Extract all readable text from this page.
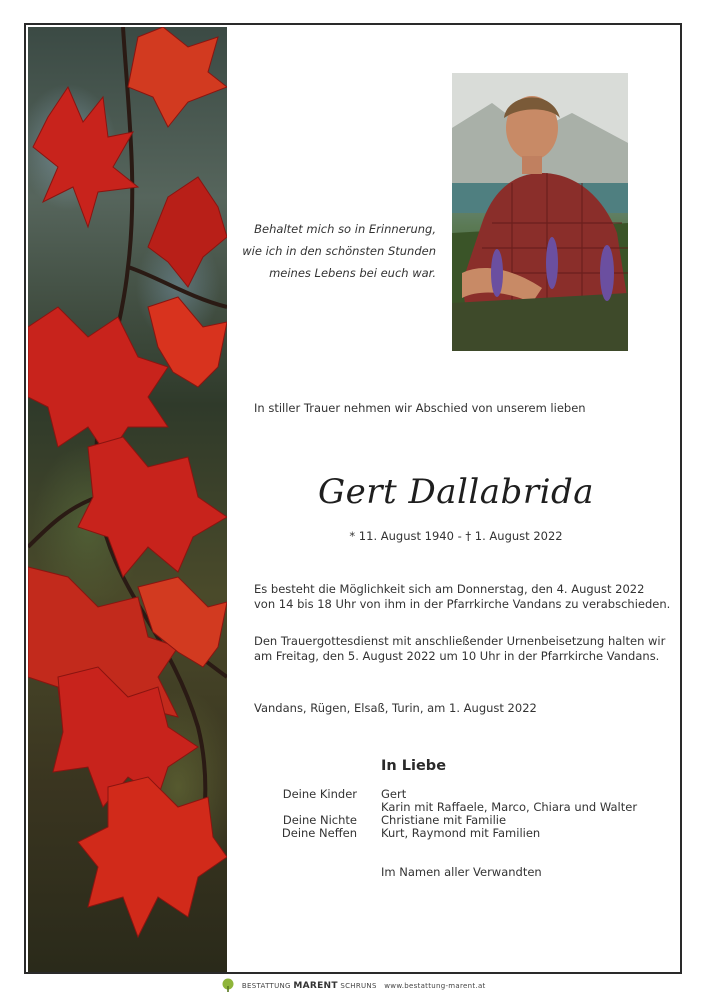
Behaltet mich so in Erinnerung,
wie ich in den schönsten Stunden
meines Lebens bei euch war.
In stiller Trauer nehmen wir Abschied von unserem lieben
Gert Dallabrida
* 11. August 1940 - † 1. August 2022
Es besteht die Möglichkeit sich am Donnerstag, den 4. August 2022
von 14 bis 18 Uhr von ihm in der Pfarrkirche Vandans zu verabschieden.
Den Trauergottesdienst mit anschließender Urnenbeisetzung halten wir
am Freitag, den 5. August 2022 um 10 Uhr in der Pfarrkirche Vandans.
Vandans, Rügen, Elsaß, Turin, am 1. August 2022
In Liebe
Deine Kinder Gert
Karin mit Raffaele, Marco, Chiara und Walter
Deine Nichte Christiane mit Familie
Deine Neffen Kurt, Raymond mit Familien
Im Namen aller Verwandten
BESTATTUNG MARENT SCHRUNS www.bestattung-marent.at
